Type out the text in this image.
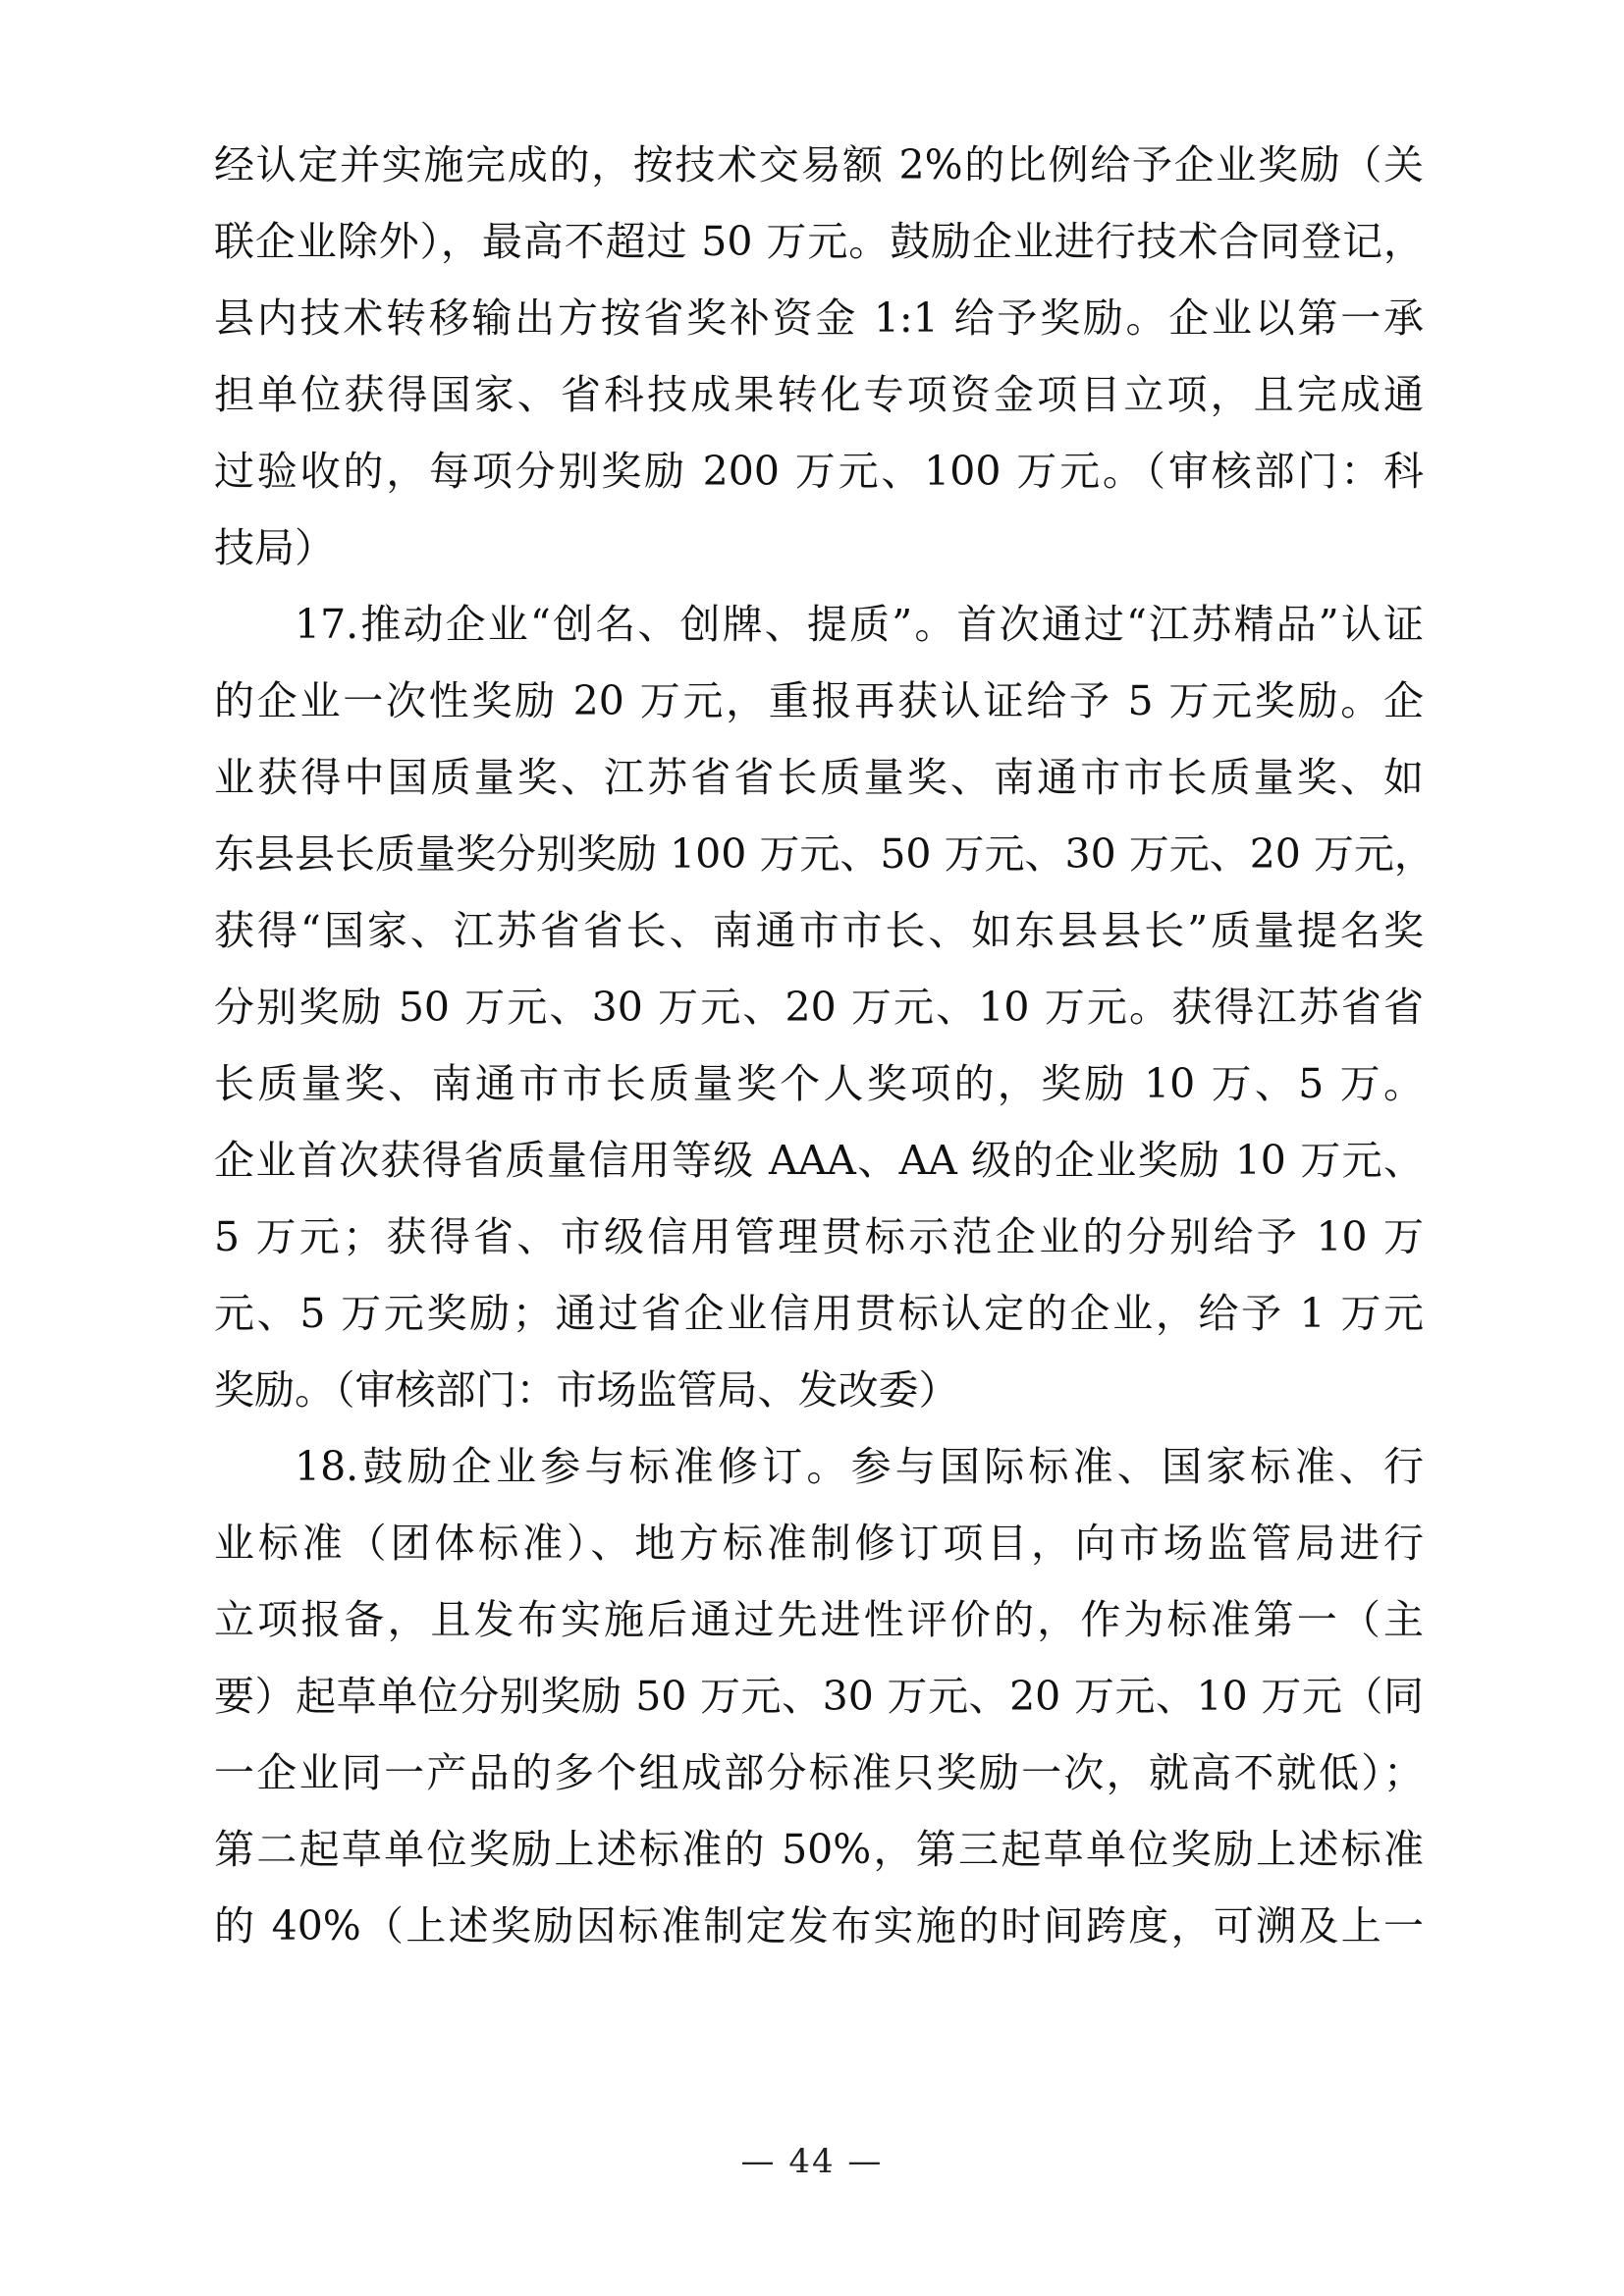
经认定并实施完成的，按技术交易额 2%的比例给予企业奖励（关
联企业除外），最高不超过 50 万元。鼓励企业进行技术合同登记，
县内技术转移输出方按省奖补资金 1:1 给予奖励。企业以第一承
担单位获得国家、省科技成果转化专项资金项目立项，且完成通
过验收的，每项分别奖励 200 万元、100 万元。（审核部门：科
技局）
17.推动企业“创名、创牌、提质”。首次通过“江苏精品”认证
的企业一次性奖励 20 万元，重报再获认证给予 5 万元奖励。企
业获得中国质量奖、江苏省省长质量奖、南通市市长质量奖、如
东县县长质量奖分别奖励 100 万元、50 万元、30 万元、20 万元，
获得“国家、江苏省省长、南通市市长、如东县县长”质量提名奖
分别奖励 50 万元、30 万元、20 万元、10 万元。获得江苏省省
长质量奖、南通市市长质量奖个人奖项的，奖励 10 万、5 万。
企业首次获得省质量信用等级 AAA、AA 级的企业奖励 10 万元、
5 万元；获得省、市级信用管理贯标示范企业的分别给予 10 万
元、5 万元奖励；通过省企业信用贯标认定的企业，给予 1 万元
奖励。（审核部门：市场监管局、发改委）
18.鼓励企业参与标准修订。参与国际标准、国家标准、行
业标准（团体标准）、地方标准制修订项目，向市场监管局进行
立项报备，且发布实施后通过先进性评价的，作为标准第一（主
要）起草单位分别奖励 50 万元、30 万元、20 万元、10 万元（同
一企业同一产品的多个组成部分标准只奖励一次，就高不就低）；
第二起草单位奖励上述标准的 50%，第三起草单位奖励上述标准
的 40%（上述奖励因标准制定发布实施的时间跨度，可溯及上一
— 44 —
